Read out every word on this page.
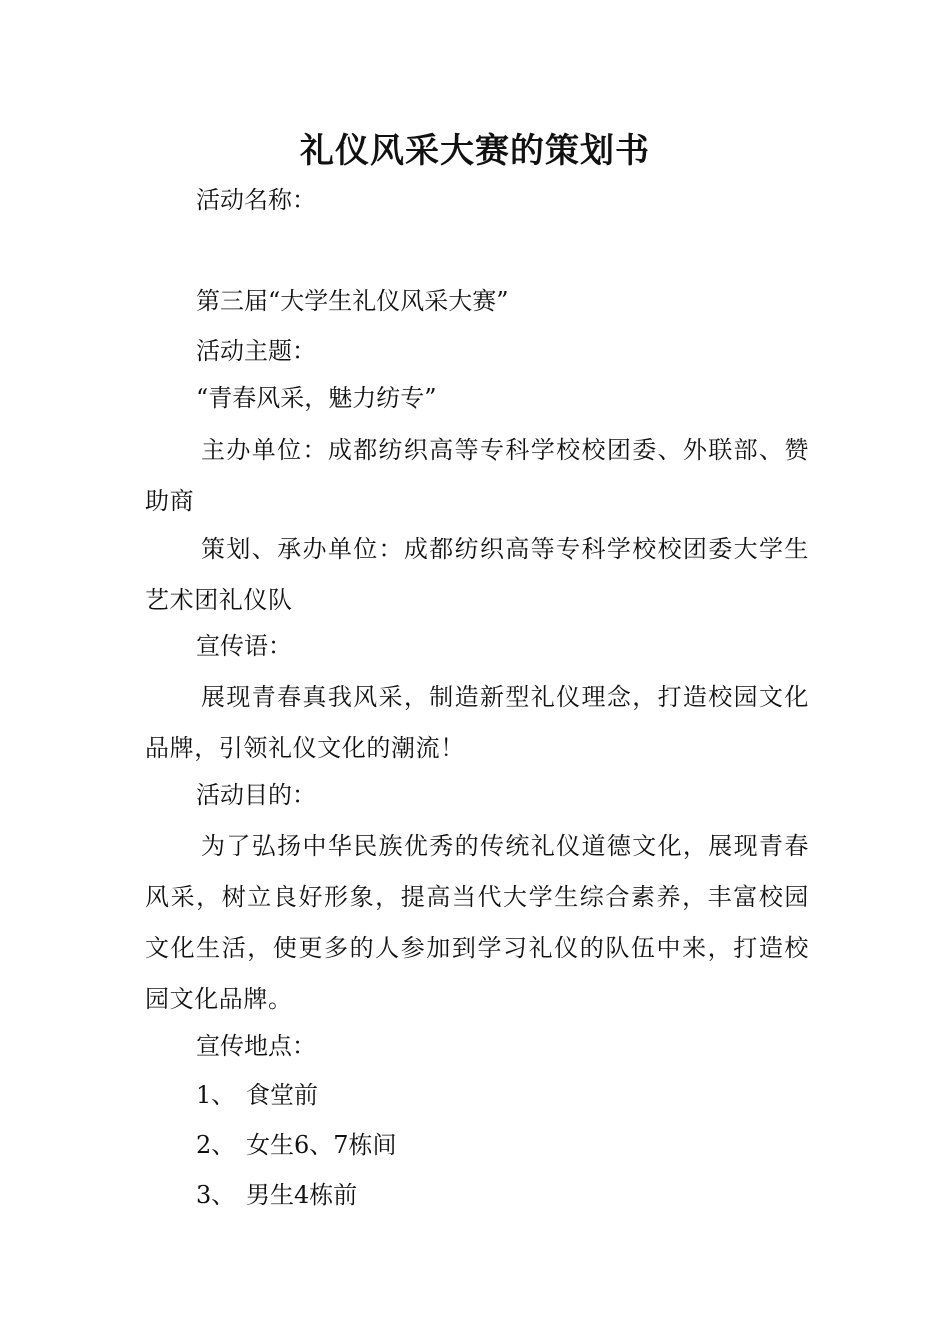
礼仪风采大赛的策划书
活动名称：
第三届“大学生礼仪风采大赛”
活动主题：
“青春风采，魅力纺专”
主办单位：成都纺织高等专科学校校团委、外联部、赞助商
策划、承办单位：成都纺织高等专科学校校团委大学生艺术团礼仪队
宣传语：
展现青春真我风采，制造新型礼仪理念，打造校园文化品牌，引领礼仪文化的潮流！
活动目的：
为了弘扬中华民族优秀的传统礼仪道德文化，展现青春风采，树立良好形象，提高当代大学生综合素养，丰富校园文化生活，使更多的人参加到学习礼仪的队伍中来，打造校园文化品牌。
宣传地点：
1、 食堂前
2、 女生6、7栋间
3、 男生4栋前
